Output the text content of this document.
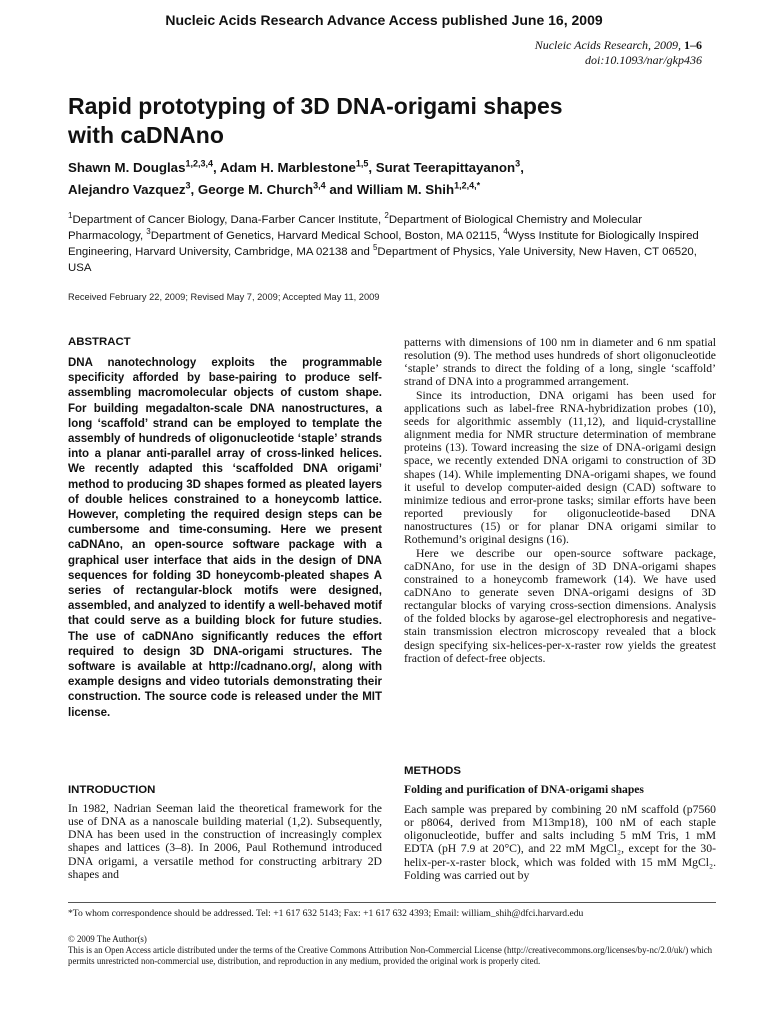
Nucleic Acids Research Advance Access published June 16, 2009
Nucleic Acids Research, 2009, 1–6
doi:10.1093/nar/gkp436
Rapid prototyping of 3D DNA-origami shapes
with caDNAno
Shawn M. Douglas$^{1,2,3,4}$, Adam H. Marblestone$^{1,5}$, Surat Teerapittayanon$^3$,
Alejandro Vazquez$^3$, George M. Church$^{3,4}$ and William M. Shih$^{1,2,4,*}$
$^1$Department of Cancer Biology, Dana-Farber Cancer Institute, $^2$Department of Biological Chemistry and Molecular Pharmacology, $^3$Department of Genetics, Harvard Medical School, Boston, MA 02115, $^4$Wyss Institute for Biologically Inspired Engineering, Harvard University, Cambridge, MA 02138 and $^5$Department of Physics, Yale University, New Haven, CT 06520, USA
Received February 22, 2009; Revised May 7, 2009; Accepted May 11, 2009
ABSTRACT

DNA nanotechnology exploits the programmable specificity afforded by base-pairing to produce self-assembling macromolecular objects of custom shape. For building megadalton-scale DNA nanostructures, a long ‘scaffold’ strand can be employed to template the assembly of hundreds of oligonucleotide ‘staple’ strands into a planar anti-parallel array of cross-linked helices. We recently adapted this ‘scaffolded DNA origami’ method to producing 3D shapes formed as pleated layers of double helices constrained to a honeycomb lattice. However, completing the required design steps can be cumbersome and time-consuming. Here we present caDNAno, an open-source software package with a graphical user interface that aids in the design of DNA sequences for folding 3D honeycomb-pleated shapes A series of rectangular-block motifs were designed, assembled, and analyzed to identify a well-behaved motif that could serve as a building block for future studies. The use of caDNAno significantly reduces the effort required to design 3D DNA-origami structures. The software is available at http://cadnano.org/, along with example designs and video tutorials demonstrating their construction. The source code is released under the MIT license.

INTRODUCTION

In 1982, Nadrian Seeman laid the theoretical framework for the use of DNA as a nanoscale building material (1,2). Subsequently, DNA has been used in the construction of increasingly complex shapes and lattices (3–8). In 2006, Paul Rothemund introduced DNA origami, a versatile method for constructing arbitrary 2D shapes and

patterns with dimensions of 100 nm in diameter and 6 nm spatial resolution (9). The method uses hundreds of short oligonucleotide ‘staple’ strands to direct the folding of a long, single ‘scaffold’ strand of DNA into a programmed arrangement.

Since its introduction, DNA origami has been used for applications such as label-free RNA-hybridization probes (10), seeds for algorithmic assembly (11,12), and liquid-crystalline alignment media for NMR structure determination of membrane proteins (13). Toward increasing the size of DNA-origami design space, we recently extended DNA origami to construction of 3D shapes (14). While implementing DNA-origami shapes, we found it useful to develop computer-aided design (CAD) software to minimize tedious and error-prone tasks; similar efforts have been reported previously for oligonucleotide-based DNA nanostructures (15) or for planar DNA origami similar to Rothemund’s original designs (16).

Here we describe our open-source software package, caDNAno, for use in the design of 3D DNA-origami shapes constrained to a honeycomb framework (14). We have used caDNAno to generate seven DNA-origami designs of 3D rectangular blocks of varying cross-section dimensions. Analysis of the folded blocks by agarose-gel electrophoresis and negative-stain transmission electron microscopy revealed that a block design specifying six-helices-per-x-raster row yields the greatest fraction of defect-free objects.

METHODS
Folding and purification of DNA-origami shapes

Each sample was prepared by combining 20 nM scaffold (p7560 or p8064, derived from M13mp18), 100 nM of each staple oligonucleotide, buffer and salts including 5 mM Tris, 1 mM EDTA (pH 7.9 at 20°C), and 22 mM MgCl₂, except for the 30-helix-per-x-raster block, which was folded with 15 mM MgCl₂. Folding was carried out by

*To whom correspondence should be addressed. Tel: +1 617 632 5143; Fax: +1 617 632 4393; Email: william_shih@dfci.harvard.edu
© 2009 The Author(s)
This is an Open Access article distributed under the terms of the Creative Commons Attribution Non-Commercial License (http://creativecommons.org/licenses/by-nc/2.0/uk/) which permits unrestricted non-commercial use, distribution, and reproduction in any medium, provided the original work is properly cited.
